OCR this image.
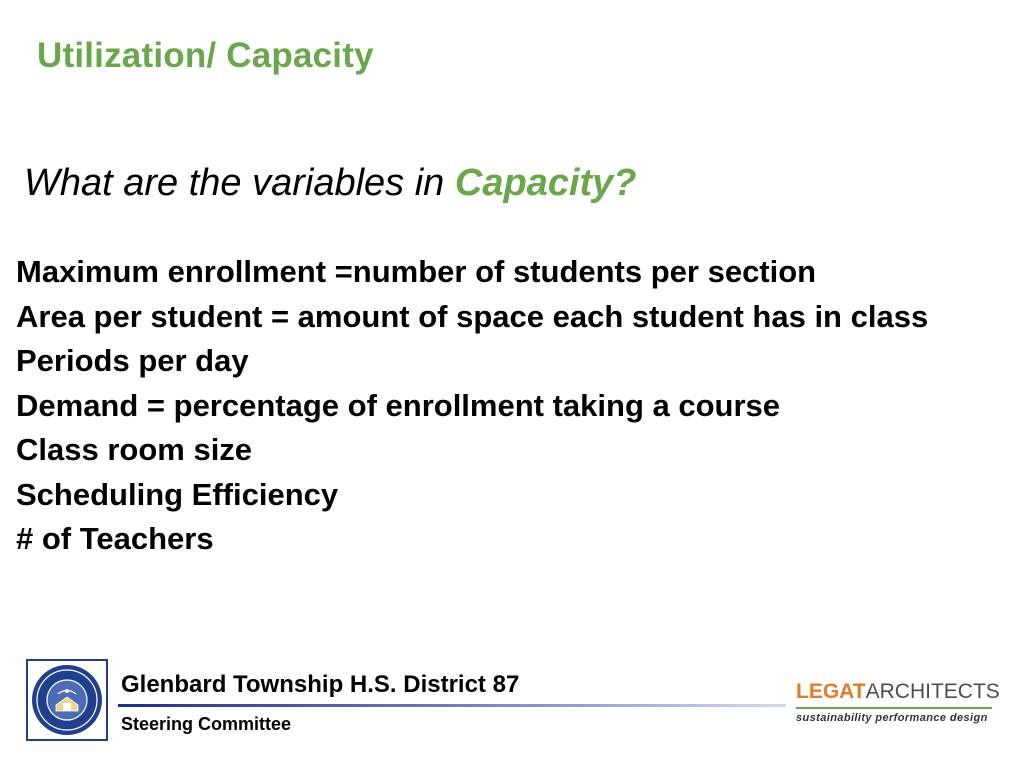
Utilization/ Capacity
What are the variables in Capacity?
Maximum enrollment =number of students per section
Area per student = amount of space each student has in class
Periods per day
Demand = percentage of enrollment taking a course
Class room size
Scheduling Efficiency
# of Teachers
Glenbard Township H.S. District 87
Steering Committee
LEGATARCHITECTS
sustainability performance design
